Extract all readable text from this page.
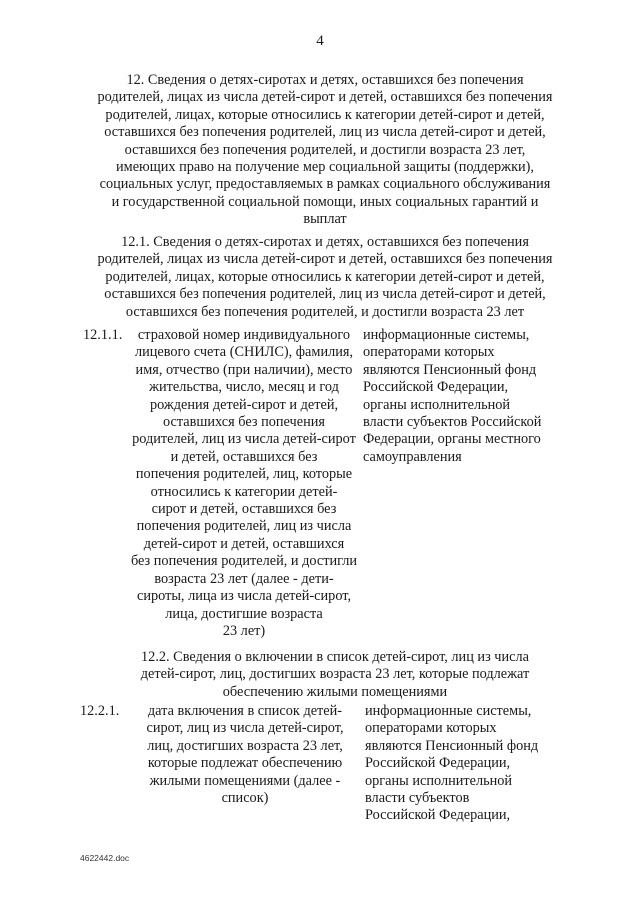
4
12. Сведения о детях-сиротах и детях, оставшихся без попечения
родителей, лицах из числа детей-сирот и детей, оставшихся без попечения
родителей, лицах, которые относились к категории детей-сирот и детей,
оставшихся без попечения родителей, лиц из числа детей-сирот и детей,
оставшихся без попечения родителей, и достигли возраста 23 лет,
имеющих право на получение мер социальной защиты (поддержки),
социальных услуг, предоставляемых в рамках социального обслуживания
и государственной социальной помощи, иных социальных гарантий и
выплат
12.1. Сведения о детях-сиротах и детях, оставшихся без попечения
родителей, лицах из числа детей-сирот и детей, оставшихся без попечения
родителей, лицах, которые относились к категории детей-сирот и детей,
оставшихся без попечения родителей, лиц из числа детей-сирот и детей,
оставшихся без попечения родителей, и достигли возраста 23 лет
12.1.1.	страховой номер индивидуального
лицевого счета (СНИЛС), фамилия,
имя, отчество (при наличии), место
жительства, число, месяц и год
рождения детей-сирот и детей,
оставшихся без попечения
родителей, лиц из числа детей-сирот
и детей, оставшихся без
попечения родителей, лиц, которые
относились к категории детей-
сирот и детей, оставшихся без
попечения родителей, лиц из числа
детей-сирот и детей, оставшихся
без попечения родителей, и достигли
возраста 23 лет (далее - дети-
сироты, лица из числа детей-сирот,
лица, достигшие возраста
23 лет)
информационные системы,
операторами которых
являются Пенсионный фонд
Российской Федерации,
органы исполнительной
власти субъектов Российской
Федерации, органы местного
самоуправления
12.2. Сведения о включении в список детей-сирот, лиц из числа
детей-сирот, лиц, достигших возраста 23 лет, которые подлежат
обеспечению жилыми помещениями
12.2.1.	дата включения в список детей-
сирот, лиц из числа детей-сирот,
лиц, достигших возраста 23 лет,
которые подлежат обеспечению
жилыми помещениями (далее -
список)
информационные системы,
операторами которых
являются Пенсионный фонд
Российской Федерации,
органы исполнительной
власти субъектов
Российской Федерации,
4622442.doc
